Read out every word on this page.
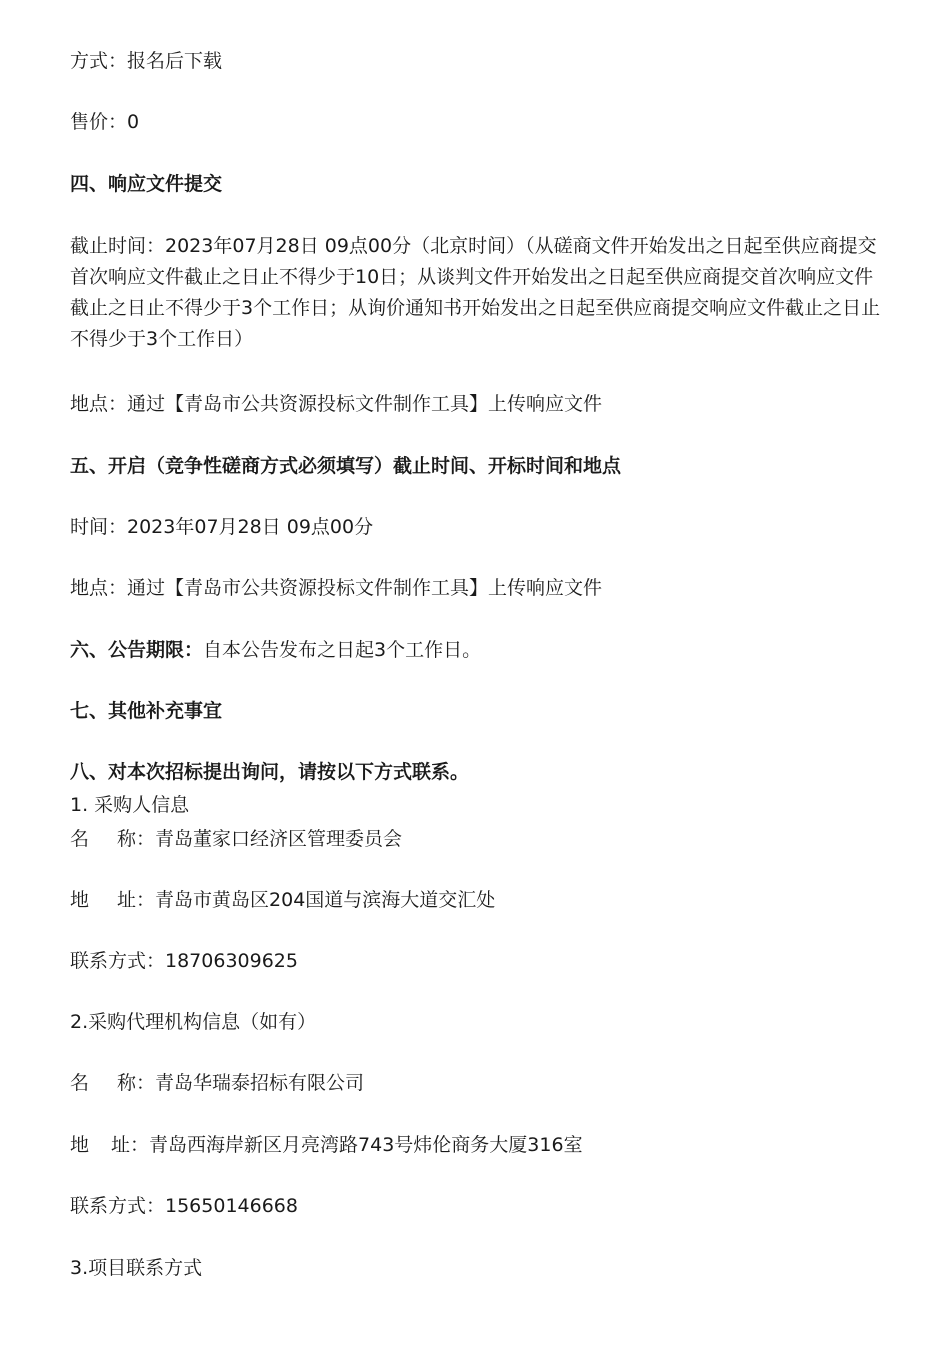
方式：报名后下载
售价：0
四、响应文件提交
截止时间：2023年07月28日 09点00分（北京时间）（从磋商文件开始发出之日起至供应商提交首次响应文件截止之日止不得少于10日；从谈判文件开始发出之日起至供应商提交首次响应文件截止之日止不得少于3个工作日；从询价通知书开始发出之日起至供应商提交响应文件截止之日止不得少于3个工作日）
地点：通过【青岛市公共资源投标文件制作工具】上传响应文件
五、开启（竞争性磋商方式必须填写）截止时间、开标时间和地点
时间：2023年07月28日 09点00分
地点：通过【青岛市公共资源投标文件制作工具】上传响应文件
六、公告期限：自本公告发布之日起3个工作日。
七、其他补充事宜
八、对本次招标提出询问，请按以下方式联系。
1. 采购人信息
名 称：青岛董家口经济区管理委员会
地 址：青岛市黄岛区204国道与滨海大道交汇处
联系方式：18706309625
2.采购代理机构信息（如有）
名 称：青岛华瑞泰招标有限公司
地 址：青岛西海岸新区月亮湾路743号炜伦商务大厦316室
联系方式：15650146668
3.项目联系方式
